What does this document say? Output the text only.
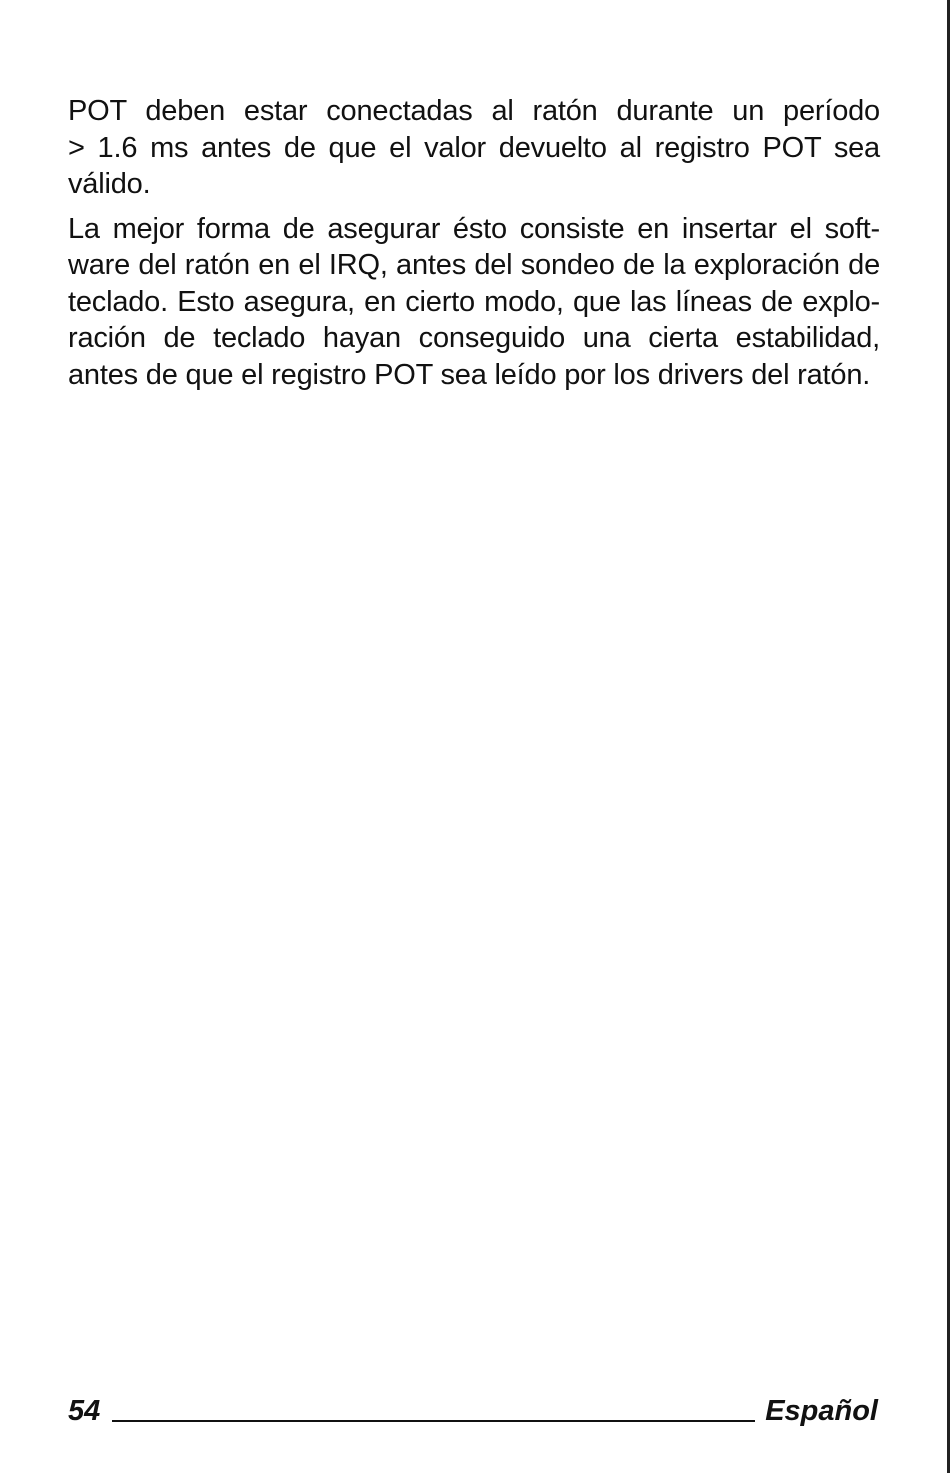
POT deben estar conectadas al ratón durante un período
> 1.6 ms antes de que el valor devuelto al registro POT sea
válido.

La mejor forma de asegurar ésto consiste en insertar el soft-
ware del ratón en el IRQ, antes del sondeo de la exploración de
teclado. Esto asegura, en cierto modo, que las líneas de explo-
ración de teclado hayan conseguido una cierta estabilidad,
antes de que el registro POT sea leído por los drivers del ratón.

54	Español
